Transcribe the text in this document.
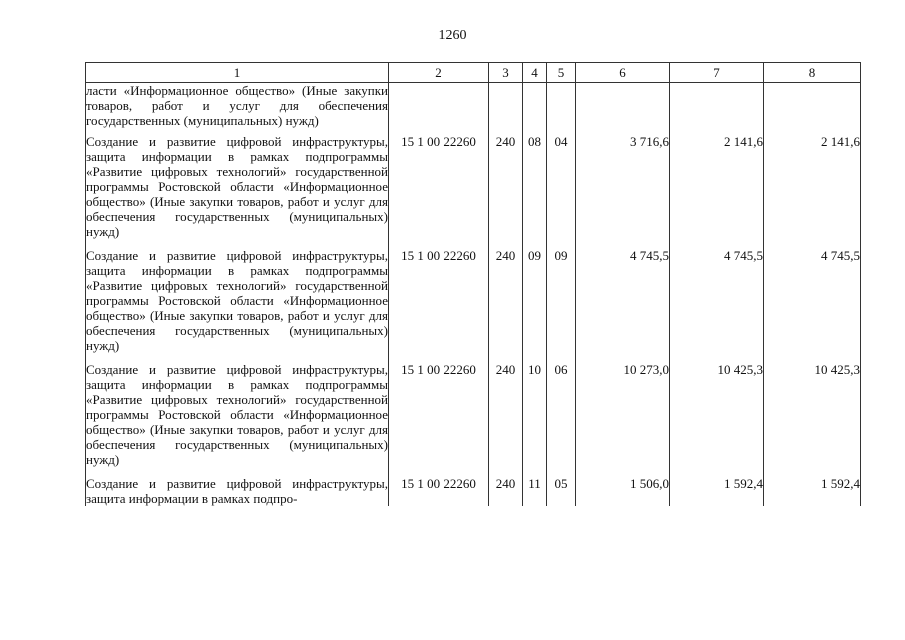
1260
1	2	3	4	5	6	7	8
ласти «Информационное общество» (Иные закупки товаров, работ и услуг для обеспечения государственных (муниципальных) нужд)							
Создание и развитие цифровой инфраструктуры, защита информации в рамках подпрограммы «Развитие цифровых технологий» государственной программы Ростовской области «Информационное общество» (Иные закупки товаров, работ и услуг для обеспечения государственных (муниципальных) нужд)	15 1 00 22260	240	08	04	3 716,6	2 141,6	2 141,6
Создание и развитие цифровой инфраструктуры, защита информации в рамках подпрограммы «Развитие цифровых технологий» государственной программы Ростовской области «Информационное общество» (Иные закупки товаров, работ и услуг для обеспечения государственных (муниципальных) нужд)	15 1 00 22260	240	09	09	4 745,5	4 745,5	4 745,5
Создание и развитие цифровой инфраструктуры, защита информации в рамках подпрограммы «Развитие цифровых технологий» государственной программы Ростовской области «Информационное общество» (Иные закупки товаров, работ и услуг для обеспечения государственных (муниципальных) нужд)	15 1 00 22260	240	10	06	10 273,0	10 425,3	10 425,3
Создание и развитие цифровой инфраструктуры, защита информации в рамках подпро-	15 1 00 22260	240	11	05	1 506,0	1 592,4	1 592,4
